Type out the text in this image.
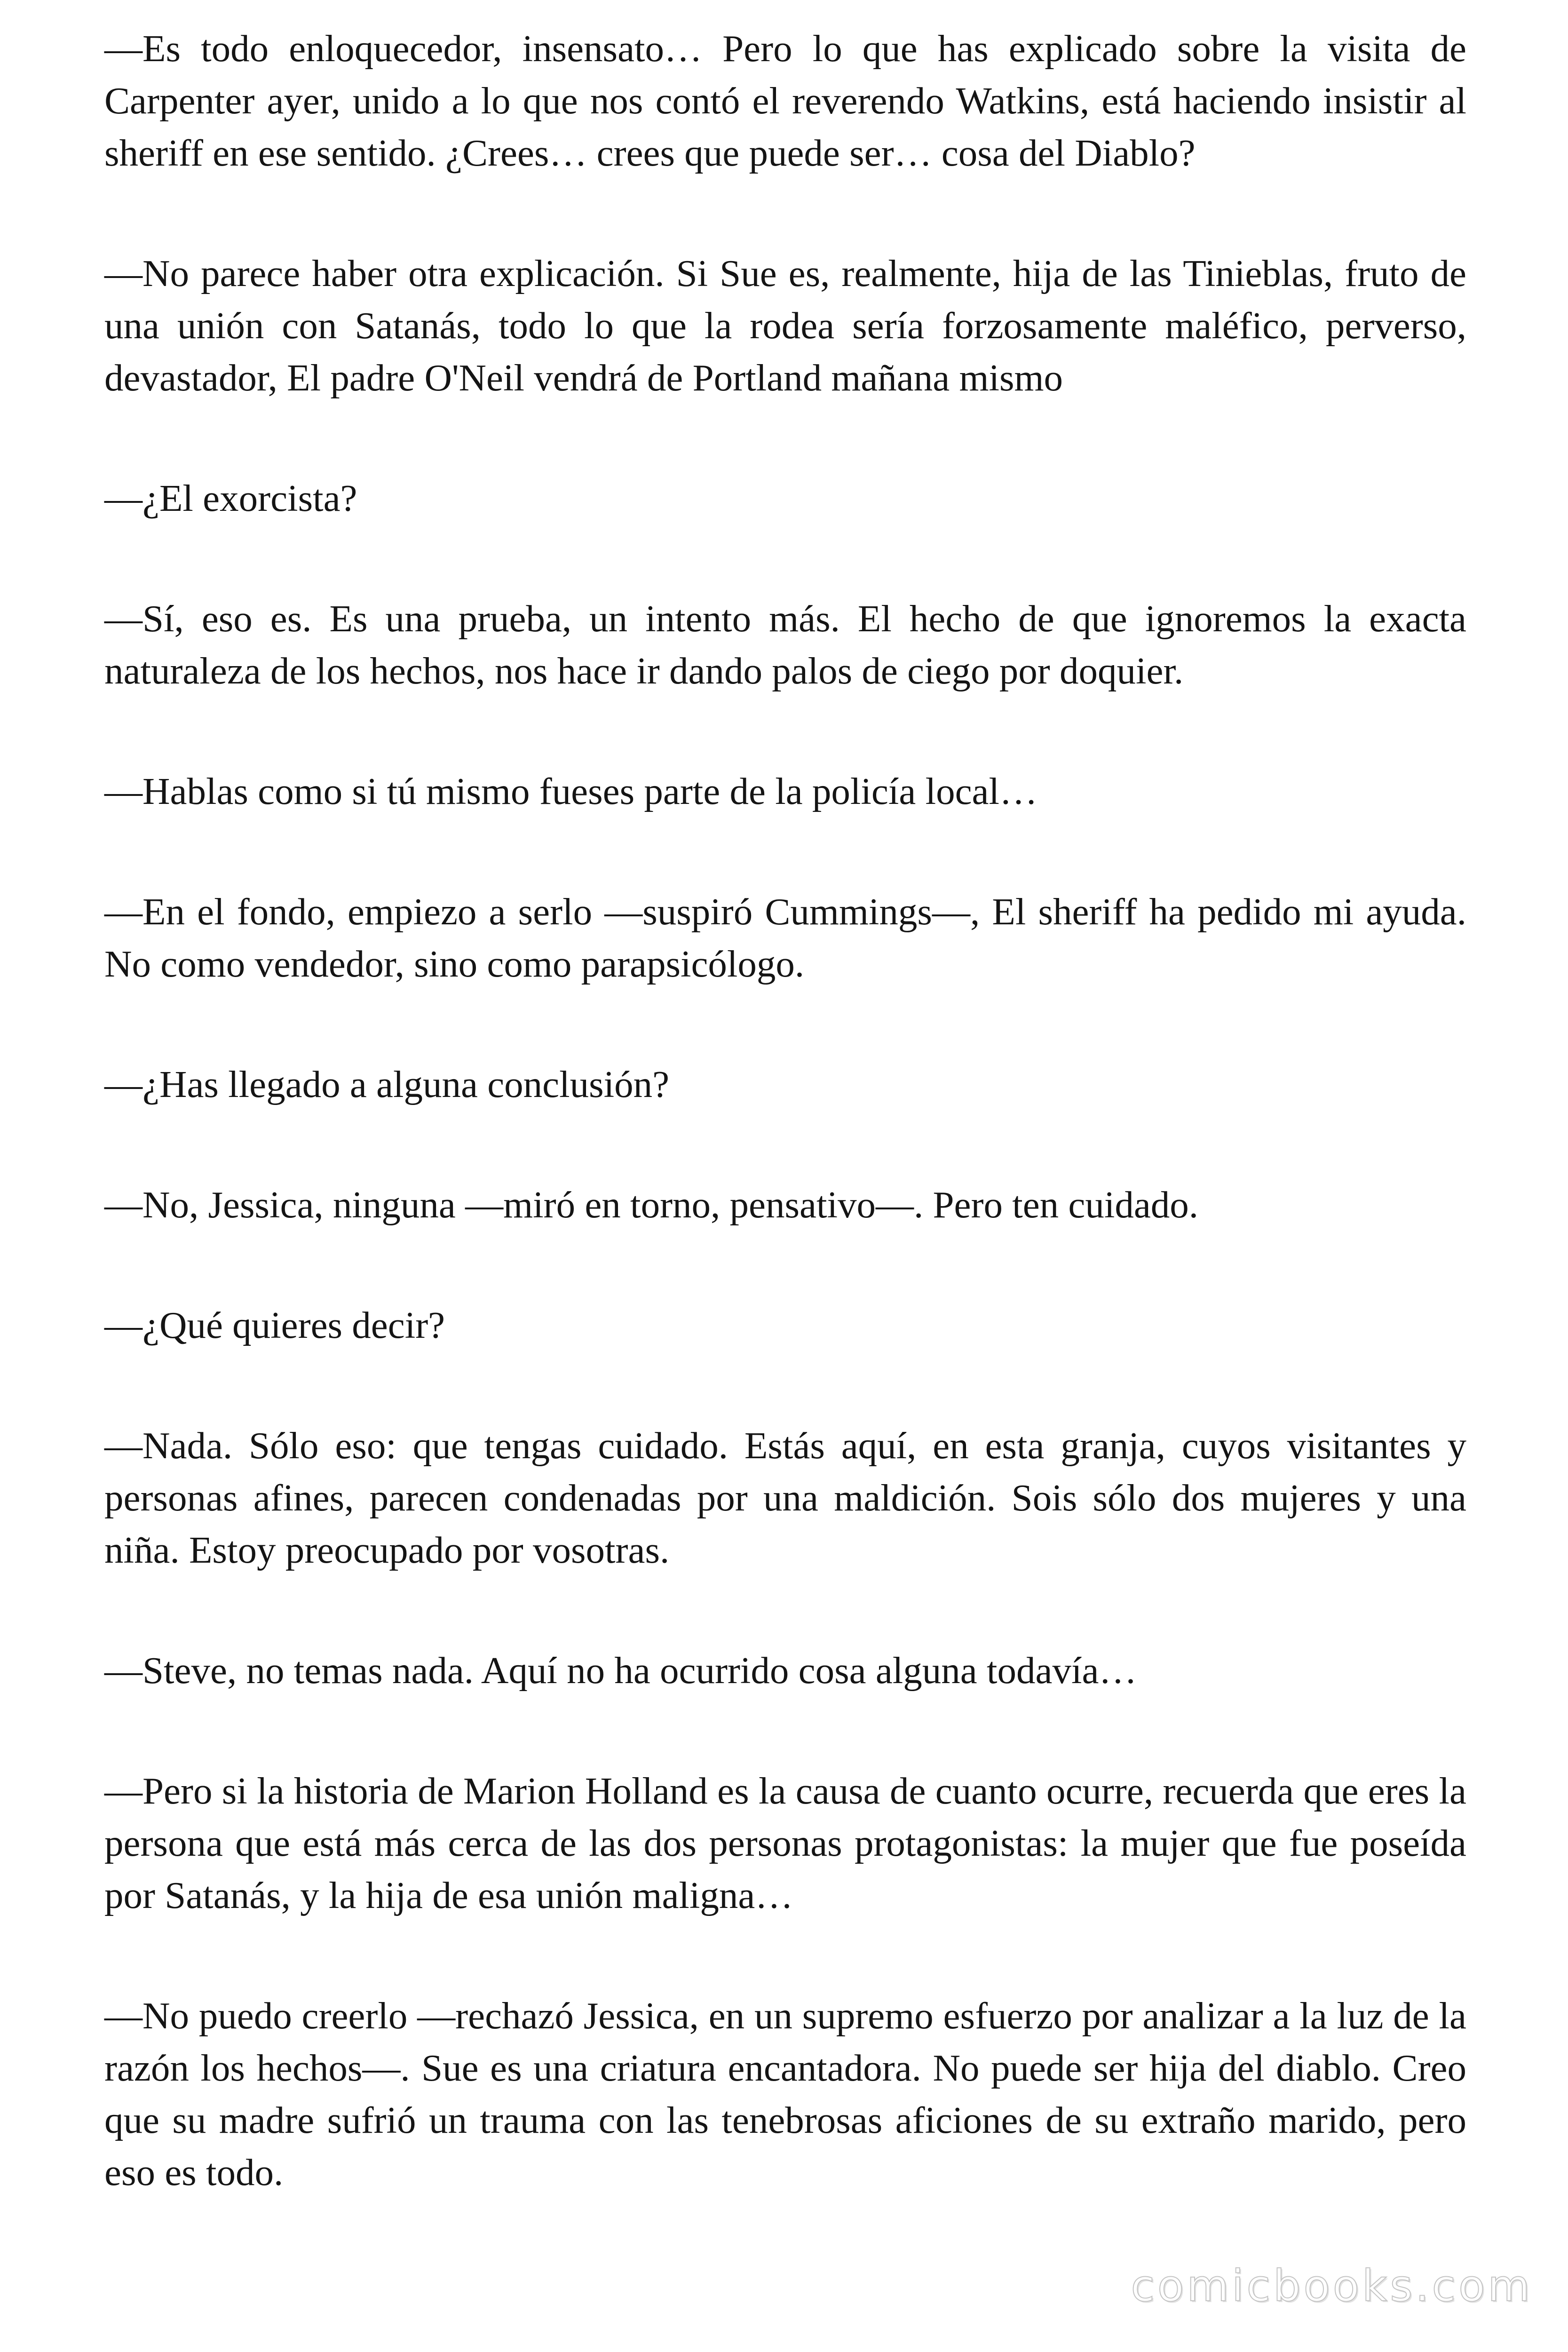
—Es todo enloquecedor, insensato… Pero lo que has explicado sobre la visita de Carpenter ayer, unido a lo que nos contó el reverendo Watkins, está haciendo insistir al sheriff en ese sentido. ¿Crees… crees que puede ser… cosa del Diablo?

—No parece haber otra explicación. Si Sue es, realmente, hija de las Tinieblas, fruto de una unión con Satanás, todo lo que la rodea sería forzosamente maléfico, perverso, devastador, El padre O'Neil vendrá de Portland mañana mismo

—¿El exorcista?

—Sí, eso es. Es una prueba, un intento más. El hecho de que ignoremos la exacta naturaleza de los hechos, nos hace ir dando palos de ciego por doquier.

—Hablas como si tú mismo fueses parte de la policía local…

—En el fondo, empiezo a serlo —suspiró Cummings—, El sheriff ha pedido mi ayuda. No como vendedor, sino como parapsicólogo.

—¿Has llegado a alguna conclusión?

—No, Jessica, ninguna —miró en torno, pensativo—. Pero ten cuidado.

—¿Qué quieres decir?

—Nada. Sólo eso: que tengas cuidado. Estás aquí, en esta granja, cuyos visitantes y personas afines, parecen condenadas por una maldición. Sois sólo dos mujeres y una niña. Estoy preocupado por vosotras.

—Steve, no temas nada. Aquí no ha ocurrido cosa alguna todavía…

—Pero si la historia de Marion Holland es la causa de cuanto ocurre, recuerda que eres la persona que está más cerca de las dos personas protagonistas: la mujer que fue poseída por Satanás, y la hija de esa unión maligna…

—No puedo creerlo —rechazó Jessica, en un supremo esfuerzo por analizar a la luz de la razón los hechos—. Sue es una criatura encantadora. No puede ser hija del diablo. Creo que su madre sufrió un trauma con las tenebrosas aficiones de su extraño marido, pero eso es todo.

comicbooks.com
